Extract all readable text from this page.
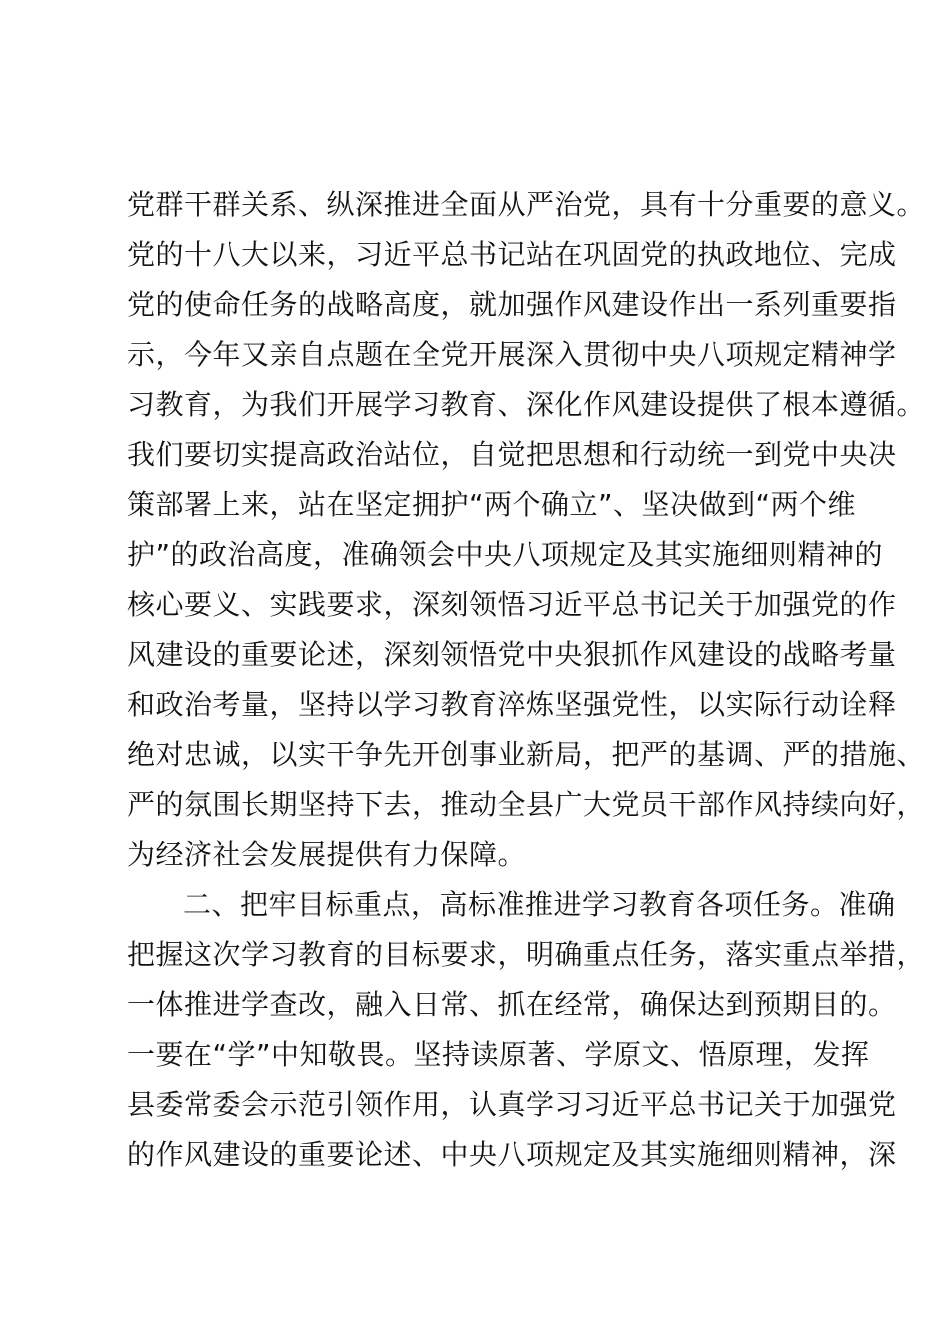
党群干群关系、纵深推进全面从严治党，具有十分重要的意义。
党的十八大以来，习近平总书记站在巩固党的执政地位、完成
党的使命任务的战略高度，就加强作风建设作出一系列重要指
示，今年又亲自点题在全党开展深入贯彻中央八项规定精神学
习教育，为我们开展学习教育、深化作风建设提供了根本遵循。
我们要切实提高政治站位，自觉把思想和行动统一到党中央决
策部署上来，站在坚定拥护“两个确立”、坚决做到“两个维
护”的政治高度，准确领会中央八项规定及其实施细则精神的
核心要义、实践要求，深刻领悟习近平总书记关于加强党的作
风建设的重要论述，深刻领悟党中央狠抓作风建设的战略考量
和政治考量，坚持以学习教育淬炼坚强党性，以实际行动诠释
绝对忠诚，以实干争先开创事业新局，把严的基调、严的措施、
严的氛围长期坚持下去，推动全县广大党员干部作风持续向好，
为经济社会发展提供有力保障。
二、把牢目标重点，高标准推进学习教育各项任务。准确
把握这次学习教育的目标要求，明确重点任务，落实重点举措，
一体推进学查改，融入日常、抓在经常，确保达到预期目的。
一要在“学”中知敬畏。坚持读原著、学原文、悟原理，发挥
县委常委会示范引领作用，认真学习习近平总书记关于加强党
的作风建设的重要论述、中央八项规定及其实施细则精神，深
